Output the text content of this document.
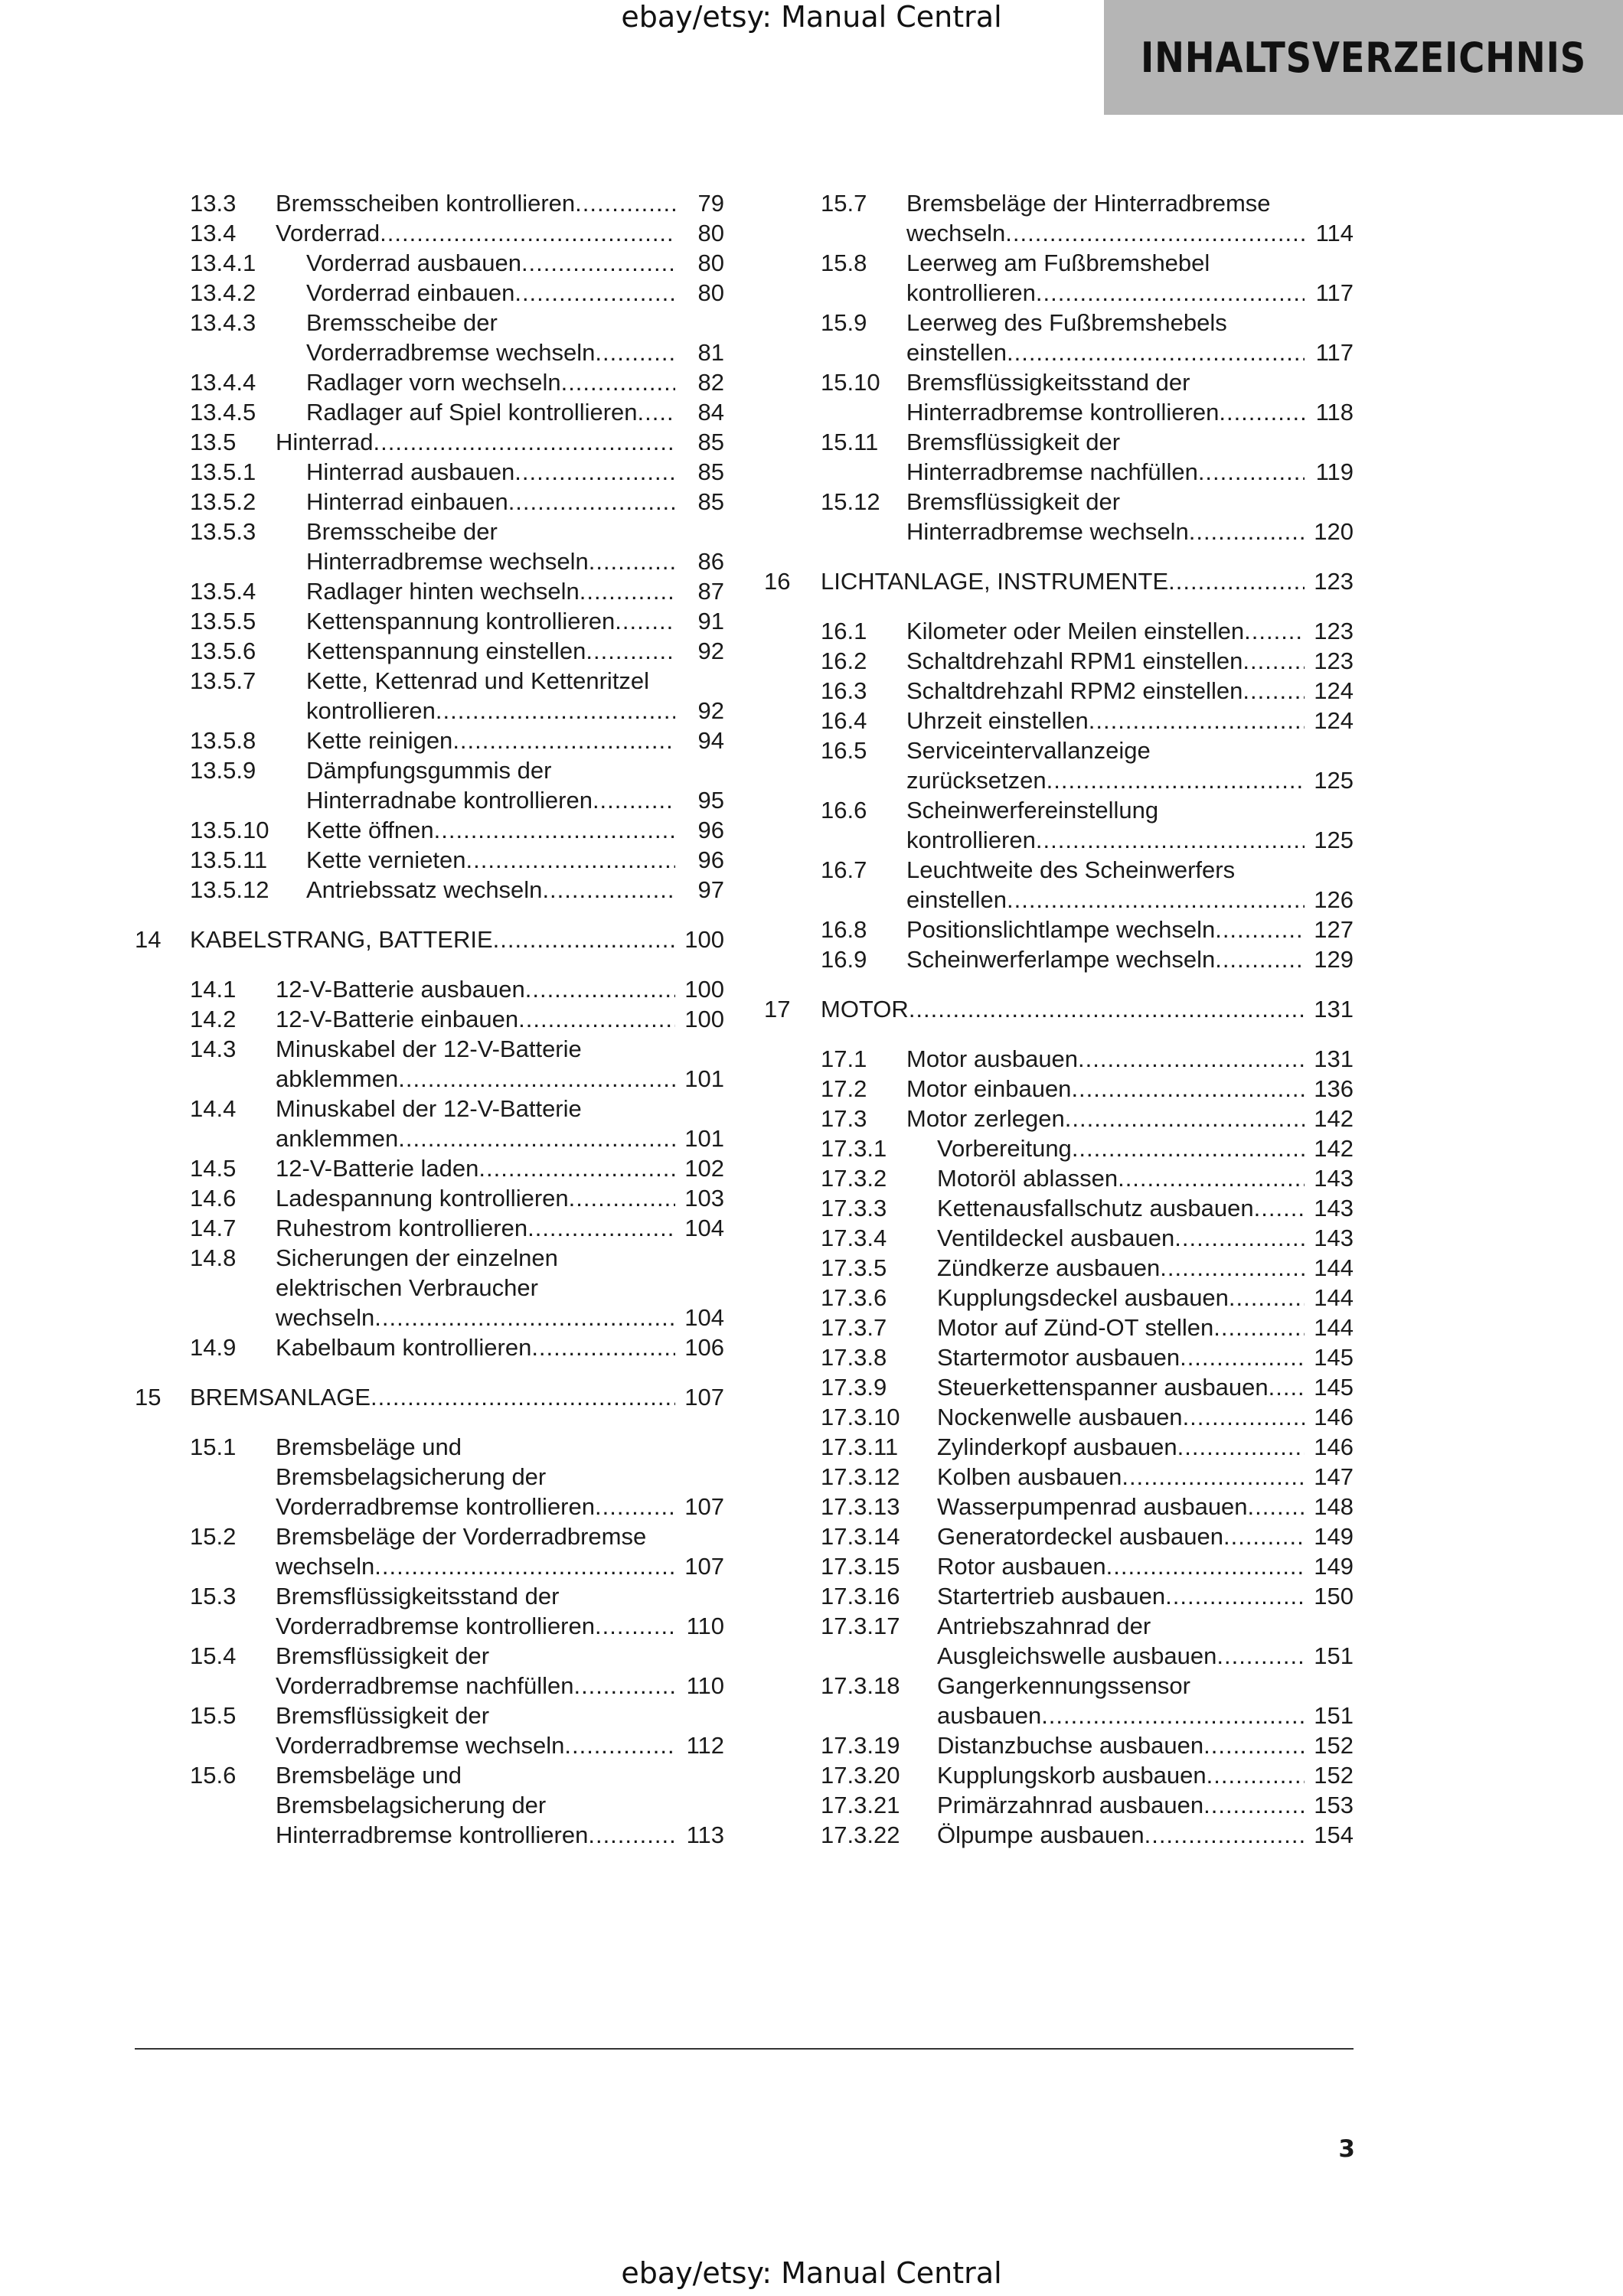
ebay/etsy: Manual Central
INHALTSVERZEICHNIS
13.3 Bremsscheiben kontrollieren .....	79
13.4 Vorderrad .....	80
13.4.1 Vorderrad ausbauen .....	80
13.4.2 Vorderrad einbauen .....	80
13.4.3 Bremsscheibe der
Vorderradbremse wechseln .....	81
13.4.4 Radlager vorn wechseln .....	82
13.4.5 Radlager auf Spiel kontrollieren .....	84
13.5 Hinterrad .....	85
13.5.1 Hinterrad ausbauen .....	85
13.5.2 Hinterrad einbauen .....	85
13.5.3 Bremsscheibe der
Hinterradbremse wechseln .....	86
13.5.4 Radlager hinten wechseln .....	87
13.5.5 Kettenspannung kontrollieren .....	91
13.5.6 Kettenspannung einstellen .....	92
13.5.7 Kette, Kettenrad und Kettenritzel
kontrollieren .....	92
13.5.8 Kette reinigen .....	94
13.5.9 Dämpfungsgummis der
Hinterradnabe kontrollieren .....	95
13.5.10 Kette öffnen .....	96
13.5.11 Kette vernieten .....	96
13.5.12 Antriebssatz wechseln .....	97
14 KABELSTRANG, BATTERIE .....	100
14.1 12-V-Batterie ausbauen .....	100
14.2 12-V-Batterie einbauen .....	100
14.3 Minuskabel der 12-V-Batterie
abklemmen .....	101
14.4 Minuskabel der 12-V-Batterie
anklemmen .....	101
14.5 12-V-Batterie laden .....	102
14.6 Ladespannung kontrollieren .....	103
14.7 Ruhestrom kontrollieren .....	104
14.8 Sicherungen der einzelnen
elektrischen Verbraucher
wechseln .....	104
14.9 Kabelbaum kontrollieren .....	106
15 BREMSANLAGE .....	107
15.1 Bremsbeläge und
Bremsbelagsicherung der
Vorderradbremse kontrollieren .....	107
15.2 Bremsbeläge der Vorderradbremse
wechseln .....	107
15.3 Bremsflüssigkeitsstand der
Vorderradbremse kontrollieren .....	110
15.4 Bremsflüssigkeit der
Vorderradbremse nachfüllen .....	110
15.5 Bremsflüssigkeit der
Vorderradbremse wechseln .....	112
15.6 Bremsbeläge und
Bremsbelagsicherung der
Hinterradbremse kontrollieren .....	113
15.7 Bremsbeläge der Hinterradbremse
wechseln .....	114
15.8 Leerweg am Fußbremshebel
kontrollieren .....	117
15.9 Leerweg des Fußbremshebels
einstellen .....	117
15.10 Bremsflüssigkeitsstand der
Hinterradbremse kontrollieren .....	118
15.11 Bremsflüssigkeit der
Hinterradbremse nachfüllen .....	119
15.12 Bremsflüssigkeit der
Hinterradbremse wechseln .....	120
16 LICHTANLAGE, INSTRUMENTE .....	123
16.1 Kilometer oder Meilen einstellen .....	123
16.2 Schaltdrehzahl RPM1 einstellen .....	123
16.3 Schaltdrehzahl RPM2 einstellen .....	124
16.4 Uhrzeit einstellen .....	124
16.5 Serviceintervallanzeige
zurücksetzen .....	125
16.6 Scheinwerfereinstellung
kontrollieren .....	125
16.7 Leuchtweite des Scheinwerfers
einstellen .....	126
16.8 Positionslichtlampe wechseln .....	127
16.9 Scheinwerferlampe wechseln .....	129
17 MOTOR .....	131
17.1 Motor ausbauen .....	131
17.2 Motor einbauen .....	136
17.3 Motor zerlegen .....	142
17.3.1 Vorbereitung .....	142
17.3.2 Motoröl ablassen .....	143
17.3.3 Kettenausfallschutz ausbauen .....	143
17.3.4 Ventildeckel ausbauen .....	143
17.3.5 Zündkerze ausbauen .....	144
17.3.6 Kupplungsdeckel ausbauen .....	144
17.3.7 Motor auf Zünd-OT stellen .....	144
17.3.8 Startermotor ausbauen .....	145
17.3.9 Steuerkettenspanner ausbauen .....	145
17.3.10 Nockenwelle ausbauen .....	146
17.3.11 Zylinderkopf ausbauen .....	146
17.3.12 Kolben ausbauen .....	147
17.3.13 Wasserpumpenrad ausbauen .....	148
17.3.14 Generatordeckel ausbauen .....	149
17.3.15 Rotor ausbauen .....	149
17.3.16 Startertrieb ausbauen .....	150
17.3.17 Antriebszahnrad der
Ausgleichswelle ausbauen .....	151
17.3.18 Gangerkennungssensor
ausbauen .....	151
17.3.19 Distanzbuchse ausbauen .....	152
17.3.20 Kupplungskorb ausbauen .....	152
17.3.21 Primärzahnrad ausbauen .....	153
17.3.22 Ölpumpe ausbauen .....	154
3
ebay/etsy: Manual Central
